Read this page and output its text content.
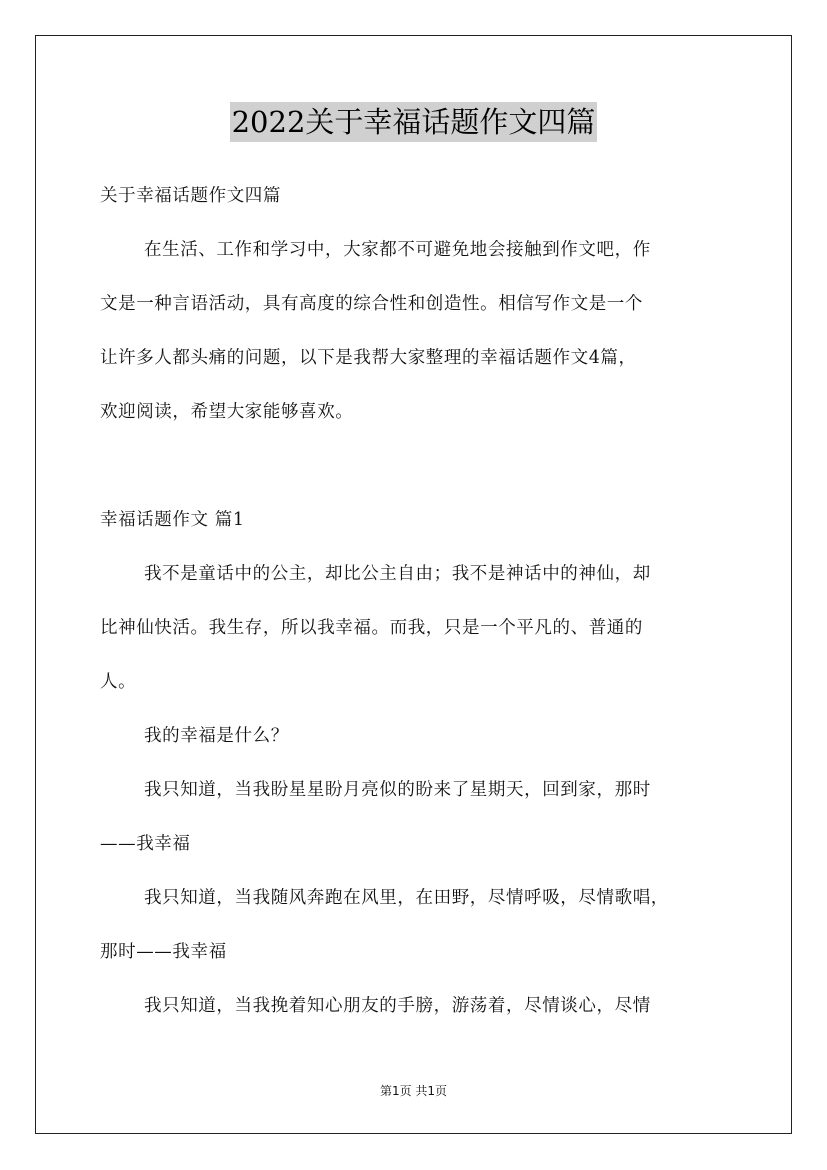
2022关于幸福话题作文四篇
关于幸福话题作文四篇
在生活、工作和学习中，大家都不可避免地会接触到作文吧，作
文是一种言语活动，具有高度的综合性和创造性。相信写作文是一个
让许多人都头痛的问题，以下是我帮大家整理的幸福话题作文4篇，
欢迎阅读，希望大家能够喜欢。
幸福话题作文 篇1
我不是童话中的公主，却比公主自由；我不是神话中的神仙，却
比神仙快活。我生存，所以我幸福。而我，只是一个平凡的、普通的
人。
我的幸福是什么？
我只知道，当我盼星星盼月亮似的盼来了星期天，回到家，那时
——我幸福
我只知道，当我随风奔跑在风里，在田野，尽情呼吸，尽情歌唱，
那时——我幸福
我只知道，当我挽着知心朋友的手膀，游荡着，尽情谈心，尽情
第1页 共1页
